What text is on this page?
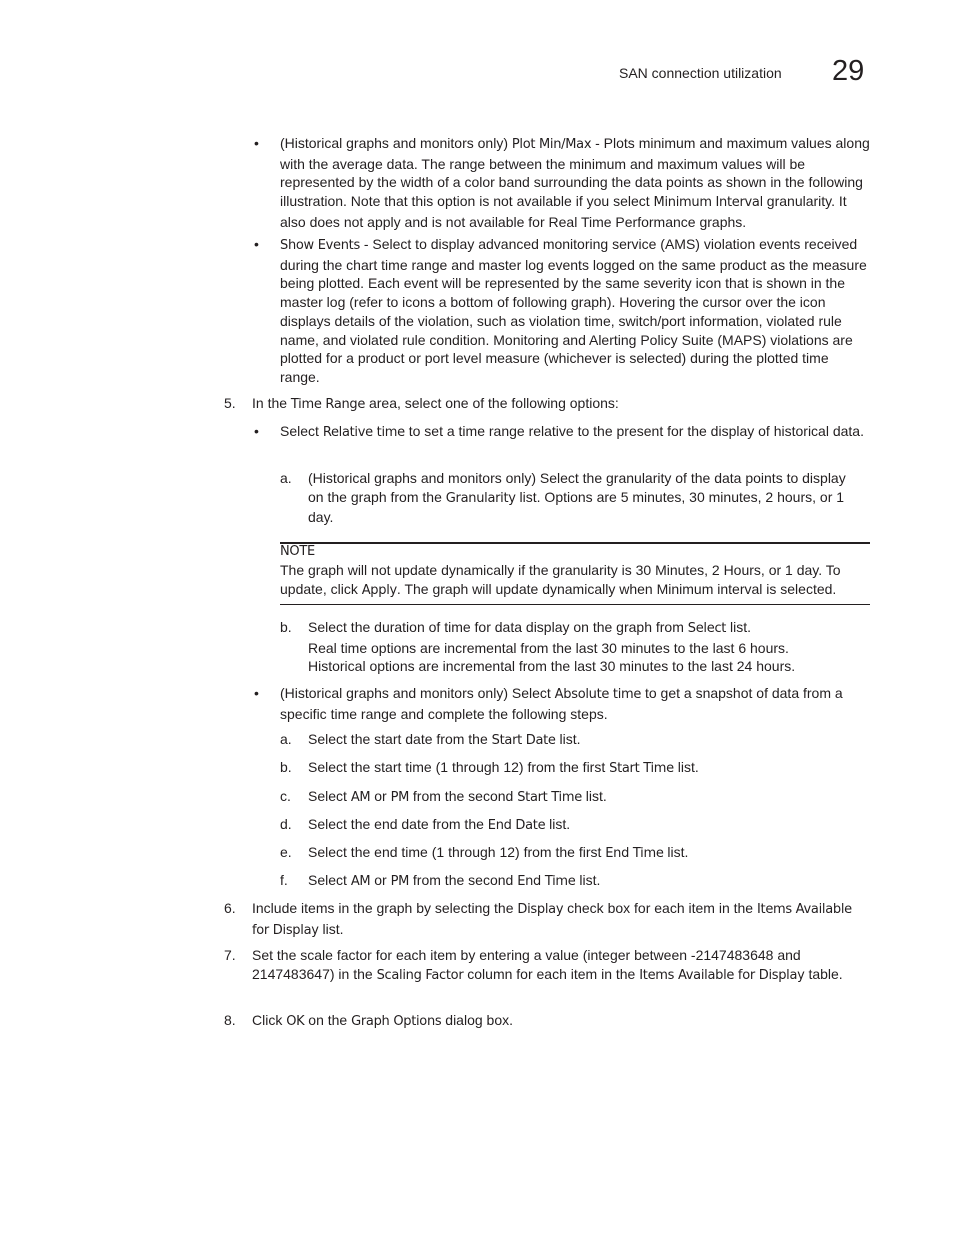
SAN connection utilization 29
• (Historical graphs and monitors only) Plot Min/Max - Plots minimum and maximum values along with the average data. The range between the minimum and maximum values will be represented by the width of a color band surrounding the data points as shown in the following illustration. Note that this option is not available if you select Minimum Interval granularity. It also does not apply and is not available for Real Time Performance graphs.
• Show Events - Select to display advanced monitoring service (AMS) violation events received during the chart time range and master log events logged on the same product as the measure being plotted. Each event will be represented by the same severity icon that is shown in the master log (refer to icons a bottom of following graph). Hovering the cursor over the icon displays details of the violation, such as violation time, switch/port information, violated rule name, and violated rule condition. Monitoring and Alerting Policy Suite (MAPS) violations are plotted for a product or port level measure (whichever is selected) during the plotted time range.
5. In the Time Range area, select one of the following options:
• Select Relative time to set a time range relative to the present for the display of historical data.
a. (Historical graphs and monitors only) Select the granularity of the data points to display on the graph from the Granularity list. Options are 5 minutes, 30 minutes, 2 hours, or 1 day.
NOTE
The graph will not update dynamically if the granularity is 30 Minutes, 2 Hours, or 1 day. To update, click Apply. The graph will update dynamically when Minimum interval is selected.
b. Select the duration of time for data display on the graph from Select list.
Real time options are incremental from the last 30 minutes to the last 6 hours.
Historical options are incremental from the last 30 minutes to the last 24 hours.
• (Historical graphs and monitors only) Select Absolute time to get a snapshot of data from a specific time range and complete the following steps.
a. Select the start date from the Start Date list.
b. Select the start time (1 through 12) from the first Start Time list.
c. Select AM or PM from the second Start Time list.
d. Select the end date from the End Date list.
e. Select the end time (1 through 12) from the first End Time list.
f. Select AM or PM from the second End Time list.
6. Include items in the graph by selecting the Display check box for each item in the Items Available for Display list.
7. Set the scale factor for each item by entering a value (integer between -2147483648 and 2147483647) in the Scaling Factor column for each item in the Items Available for Display table.
8. Click OK on the Graph Options dialog box.
